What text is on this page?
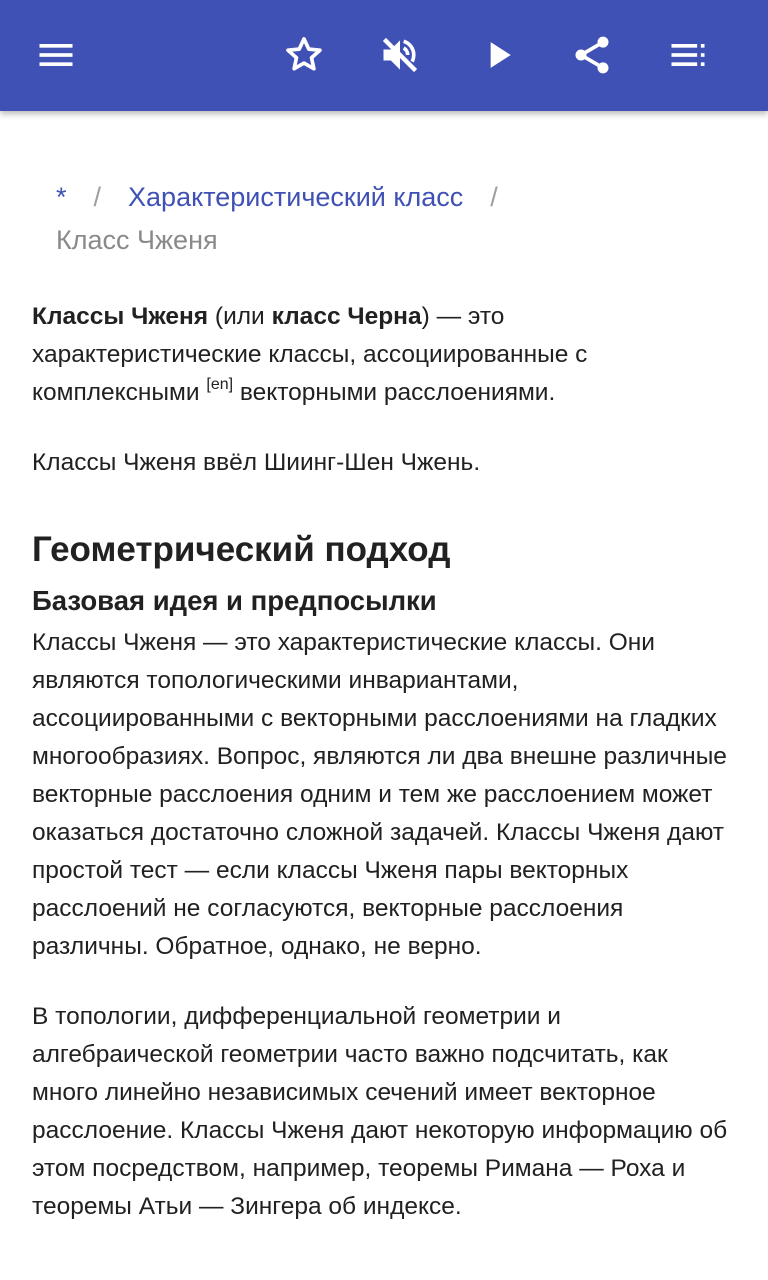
* / Характеристический класс /
Класс Чженя

Классы Чженя (или класс Черна) — это характеристические классы, ассоциированные с комплексными [en] векторными расслоениями.

Классы Чженя ввёл Шиинг-Шен Чжень.

Геометрический подход
Базовая идея и предпосылки

Классы Чженя — это характеристические классы. Они являются топологическими инвариантами, ассоциированными с векторными расслоениями на гладких многообразиях. Вопрос, являются ли два внешне различные векторные расслоения одним и тем же расслоением может оказаться достаточно сложной задачей. Классы Чженя дают простой тест — если классы Чженя пары векторных расслоений не согласуются, векторные расслоения различны. Обратное, однако, не верно.

В топологии, дифференциальной геометрии и алгебраической геометрии часто важно подсчитать, как много линейно независимых сечений имеет векторное расслоение. Классы Чженя дают некоторую информацию об этом посредством, например, теоремы Римана — Роха и теоремы Атьи — Зингера об индексе.
